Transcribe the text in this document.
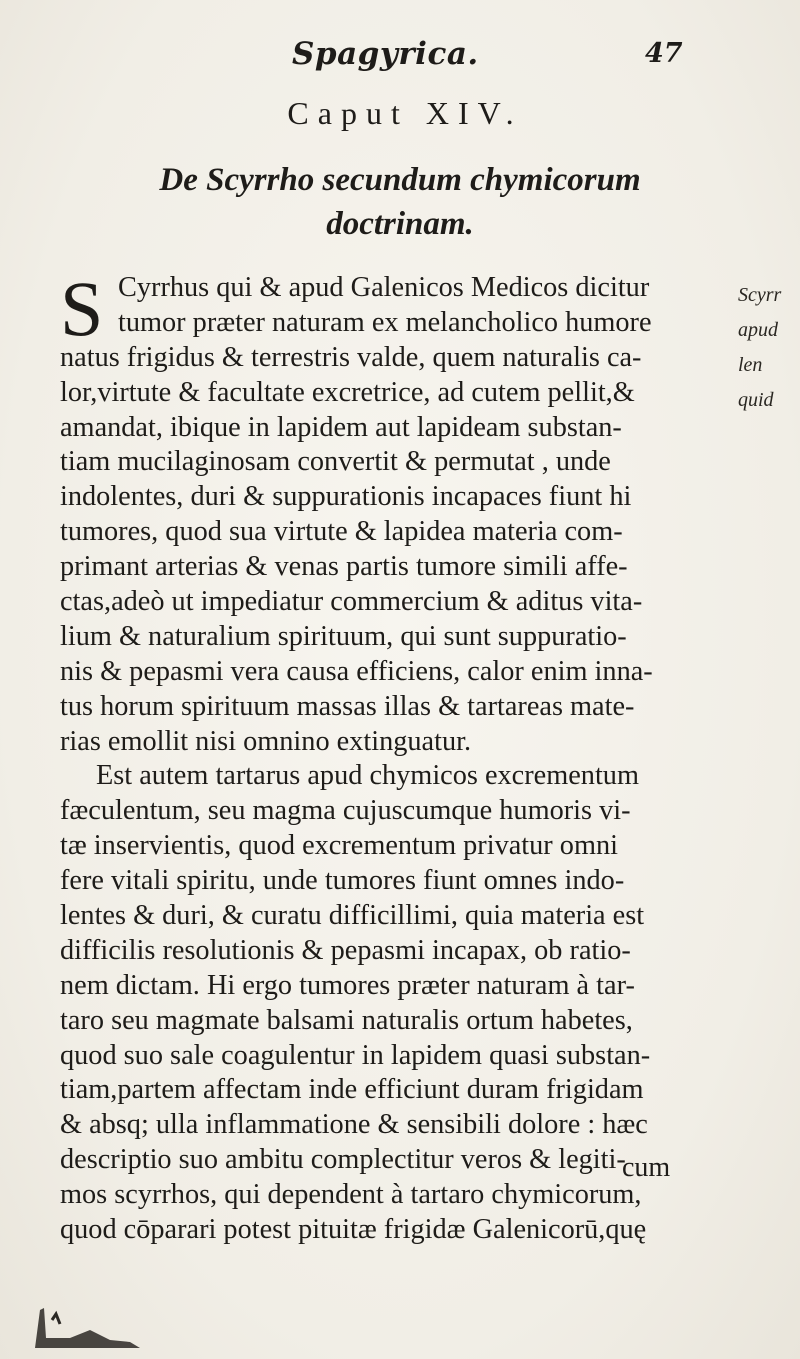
Spagyrica.	47
Caput XIV.
De Scyrrho secundum chymicorum
doctrinam.
S Cyrrhus qui & apud Galenicos Medicos dicitur
tumor præter naturam ex melancholico humore
natus frigidus & terrestris valde, quem naturalis ca-
lor,virtute & facultate excretrice, ad cutem pellit,&
amandat, ibique in lapidem aut lapideam substan-
tiam mucilaginosam convertit & permutat , unde
indolentes, duri & suppurationis incapaces fiunt hi
tumores, quod sua virtute & lapidea materia com-
primant arterias & venas partis tumore simili affe-
ctas,adeò ut impediatur commercium & aditus vita-
lium & naturalium spirituum, qui sunt suppuratio-
nis & pepasmi vera causa efficiens, calor enim inna-
tus horum spirituum massas illas & tartareas mate-
rias emollit nisi omnino extinguatur.
Est autem tartarus apud chymicos excrementum
fæculentum, seu magma cujuscumque humoris vi-
tæ inservientis, quod excrementum privatur omni
fere vitali spiritu, unde tumores fiunt omnes indo-
lentes & duri, & curatu difficillimi, quia materia est
difficilis resolutionis & pepasmi incapax, ob ratio-
nem dictam. Hi ergo tumores præter naturam à tar-
taro seu magmate balsami naturalis ortum habetes,
quod suo sale coagulentur in lapidem quasi substan-
tiam,partem affectam inde efficiunt duram frigidam
& absq; ulla inflammatione & sensibili dolore : hæc
descriptio suo ambitu complectitur veros & legiti-
mos scyrrhos, qui dependent à tartaro chymicorum,
quod cōparari potest pituitæ frigidæ Galenicorū,quę
Scyrr
apud
len
quid
cum
